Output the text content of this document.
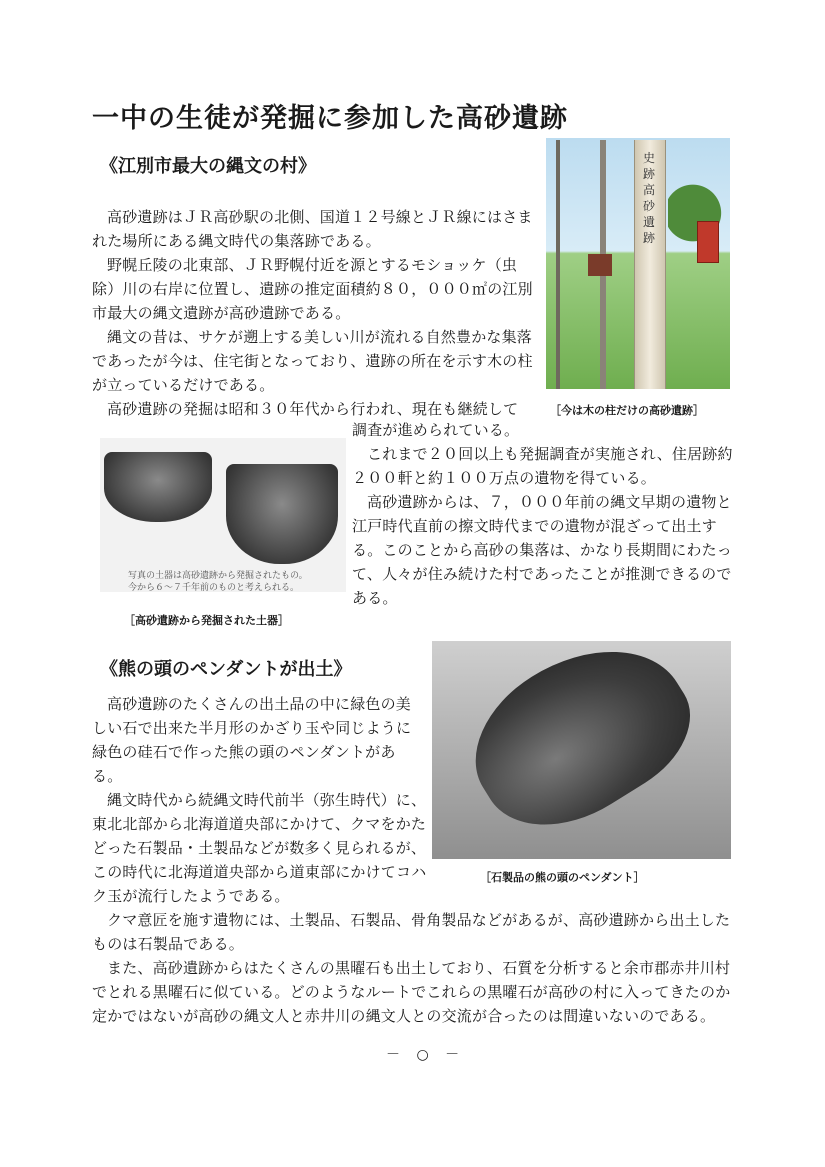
一中の生徒が発掘に参加した高砂遺跡
《江別市最大の縄文の村》

高砂遺跡はＪＲ高砂駅の北側、国道１２号線とＪＲ線にはさまれた場所にある縄文時代の集落跡である。

野幌丘陵の北東部、ＪＲ野幌付近を源とするモショッケ（虫除）川の右岸に位置し、遺跡の推定面積約８０，０００㎡の江別市最大の縄文遺跡が高砂遺跡である。

縄文の昔は、サケが遡上する美しい川が流れる自然豊かな集落であったが今は、住宅街となっており、遺跡の所在を示す木の柱が立っているだけである。

高砂遺跡の発掘は昭和３０年代から行われ、現在も継続して

史跡 高砂遺跡
［今は木の柱だけの高砂遺跡］
写真の土器は高砂遺跡から発掘されたもの。
今から６～７千年前のものと考えられる。
［高砂遺跡から発掘された土器］

調査が進められている。

これまで２０回以上も発掘調査が実施され、住居跡約２００軒と約１００万点の遺物を得ている。

高砂遺跡からは、７，０００年前の縄文早期の遺物と江戸時代直前の擦文時代までの遺物が混ざって出土する。このことから高砂の集落は、かなり長期間にわたって、人々が住み続けた村であったことが推測できるのである。

《熊の頭のペンダントが出土》
［石製品の熊の頭のペンダント］

高砂遺跡のたくさんの出土品の中に緑色の美しい石で出来た半月形のかざり玉や同じように緑色の硅石で作った熊の頭のペンダントがある。

縄文時代から続縄文時代前半（弥生時代）に、東北北部から北海道道央部にかけて、クマをかたどった石製品・土製品などが数多く見られるが、この時代に北海道道央部から道東部にかけてコハク玉が流行したようである。

クマ意匠を施す遺物には、土製品、石製品、骨角製品などがあるが、高砂遺跡から出土したものは石製品である。

また、高砂遺跡からはたくさんの黒曜石も出土しており、石質を分析すると余市郡赤井川村でとれる黒曜石に似ている。どのようなルートでこれらの黒曜石が高砂の村に入ってきたのか定かではないが高砂の縄文人と赤井川の縄文人との交流が合ったのは間違いないのである。

－ ○ －
